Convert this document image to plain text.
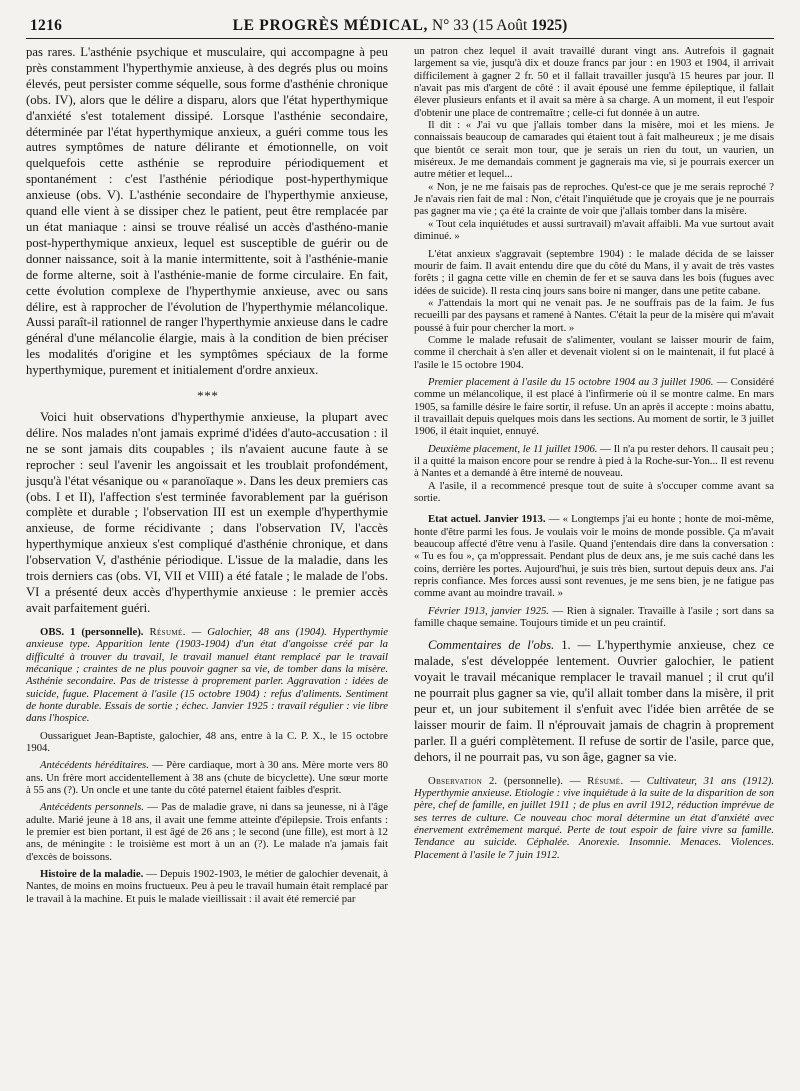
1216	LE PROGRÈS MÉDICAL, N° 33 (15 Août 1925)

pas rares. L'asthénie psychique et musculaire, qui accompagne à peu près constamment l'hyperthymie anxieuse, à des degrés plus ou moins élevés, peut persister comme séquelle, sous forme d'asthénie chronique (obs. IV), alors que le délire a disparu, alors que l'état hyperthymique d'anxiété s'est totalement dissipé. Lorsque l'asthénie secondaire, déterminée par l'état hyperthymique anxieux, a guéri comme tous les autres symptômes de nature délirante et émotionnelle, on voit quelquefois cette asthénie se reproduire périodiquement et spontanément : c'est l'asthénie périodique post-hyperthymique anxieuse (obs. V). L'asthénie secondaire de l'hyperthymie anxieuse, quand elle vient à se dissiper chez le patient, peut être remplacée par un état maniaque : ainsi se trouve réalisé un accès d'asthéno-manie post-hyperthymique anxieux, lequel est susceptible de guérir ou de donner naissance, soit à la manie intermittente, soit à l'asthénie-manie de forme alterne, soit à l'asthénie-manie de forme circulaire. En fait, cette évolution complexe de l'hyperthymie anxieuse, avec ou sans délire, est à rapprocher de l'évolution de l'hyperthymie mélancolique. Aussi paraît-il rationnel de ranger l'hyperthymie anxieuse dans le cadre général d'une mélancolie élargie, mais à la condition de bien préciser les modalités d'origine et les symptômes spéciaux de la forme hyperthymique, purement et initialement d'ordre anxieux.

* * *

Voici huit observations d'hyperthymie anxieuse, la plupart avec délire. Nos malades n'ont jamais exprimé d'idées d'auto-accusation : il ne se sont jamais dits coupables ; ils n'avaient aucune faute à se reprocher : seul l'avenir les angoissait et les troublait profondément, jusqu'à l'état vésanique ou « paranoïaque ». Dans les deux premiers cas (obs. I et II), l'affection s'est terminée favorablement par la guérison complète et durable ; l'observation III est un exemple d'hyperthymie anxieuse, de forme récidivante ; dans l'observation IV, l'accès hyperthymique anxieux s'est compliqué d'asthénie chronique, et dans l'observation V, d'asthénie périodique. L'issue de la maladie, dans les trois derniers cas (obs. VI, VII et VIII) a été fatale ; le malade de l'obs. VI a présenté deux accès d'hyperthymie anxieuse : le premier accès avait parfaitement guéri.

OBS. 1 (personnelle). Résumé. — Galochier, 48 ans (1904). Hyperthymie anxieuse type. Apparition lente (1903-1904) d'un état d'angoisse créé par la difficulté à trouver du travail, le travail manuel étant remplacé par le travail mécanique ; craintes de ne plus pouvoir gagner sa vie, de tomber dans la misère. Asthénie secondaire. Pas de tristesse à proprement parler. Aggravation : idées de suicide, fugue. Placement à l'asile (15 octobre 1904) : refus d'aliments. Sentiment de honte durable. Essais de sortie ; échec. Janvier 1925 : travail régulier : vie libre dans l'hospice.

Oussariguet Jean-Baptiste, galochier, 48 ans, entre à la C. P. X., le 15 octobre 1904.

Antécédents héréditaires. — Père cardiaque, mort à 30 ans. Mère morte vers 80 ans. Un frère mort accidentellement à 38 ans (chute de bicyclette). Une sœur morte à 55 ans (?). Un oncle et une tante du côté paternel étaient faibles d'esprit.

Antécédents personnels. — Pas de maladie grave, ni dans sa jeunesse, ni à l'âge adulte. Marié jeune à 18 ans, il avait une femme atteinte d'épilepsie. Trois enfants : le premier est bien portant, il est âgé de 26 ans ; le second (une fille), est mort à 12 ans, de méningite : le troisième est mort à un an (?). Le malade n'a jamais fait d'excès de boissons.

Histoire de la maladie. — Depuis 1902-1903, le métier de galochier devenait, à Nantes, de moins en moins fructueux. Peu à peu le travail humain était remplacé par le travail à la machine. Et puis le malade vieillissait : il avait été remercié par

un patron chez lequel il avait travaillé durant vingt ans. Autrefois il gagnait largement sa vie, jusqu'à dix et douze francs par jour : en 1903 et 1904, il arrivait difficilement à gagner 2 fr. 50 et il fallait travailler jusqu'à 15 heures par jour. Il n'avait pas mis d'argent de côté : il avait épousé une femme épileptique, il fallait élever plusieurs enfants et il avait sa mère à sa charge. A un moment, il eut l'espoir d'obtenir une place de contremaître ; celle-ci fut donnée à un autre.

Il dit : « J'ai vu que j'allais tomber dans la misère, moi et les miens. Je connaissais beaucoup de camarades qui étaient tout à fait malheureux ; je me disais que bientôt ce serait mon tour, que je serais un rien du tout, un vaurien, un miséreux. Je me demandais comment je gagnerais ma vie, si je pourrais exercer un autre métier et lequel...

« Non, je ne me faisais pas de reproches. Qu'est-ce que je me serais reproché ? Je n'avais rien fait de mal : Non, c'était l'inquiétude que je croyais que je ne pourrais pas gagner ma vie ; ça été la crainte de voir que j'allais tomber dans la misère.

« Tout cela inquiétudes et aussi surtravail) m'avait affaibli. Ma vue surtout avait diminué. »

L'état anxieux s'aggravait (septembre 1904) : le malade décida de se laisser mourir de faim. Il avait entendu dire que du côté du Mans, il y avait de très vastes forêts ; il gagna cette ville en chemin de fer et se sauva dans les bois (fugues avec idées de suicide). Il resta cinq jours sans boire ni manger, dans une petite cabane.

« J'attendais la mort qui ne venait pas. Je ne souffrais pas de la faim. Je fus recueilli par des paysans et ramené à Nantes. C'était la peur de la misère qui m'avait poussé à fuir pour chercher la mort. »

Comme le malade refusait de s'alimenter, voulant se laisser mourir de faim, comme il cherchait à s'en aller et devenait violent si on le maintenait, il fut placé à l'asile le 15 octobre 1904.

Premier placement à l'asile du 15 octobre 1904 au 3 juillet 1906. — Considéré comme un mélancolique, il est placé à l'infirmerie où il se montre calme. En mars 1905, sa famille désire le faire sortir, il refuse. Un an après il accepte : moins abattu, il travaillait depuis quelques mois dans les sections. Au moment de sortir, le 3 juillet 1906, il était inquiet, ennuyé.

Deuxième placement, le 11 juillet 1906. — Il n'a pu rester dehors. Il causait peu ; il a quitté la maison encore pour se rendre à pied à la Roche-sur-Yon... Il est revenu à Nantes et a demandé à être interné de nouveau.

A l'asile, il a recommencé presque tout de suite à s'occuper comme avant sa sortie.

Etat actuel. Janvier 1913. — « Longtemps j'ai eu honte ; honte de moi-même, honte d'être parmi les fous. Je voulais voir le moins de monde possible. Ça m'avait beaucoup affecté d'être venu à l'asile. Quand j'entendais dire dans la conversation : « Tu es fou », ça m'oppressait. Pendant plus de deux ans, je me suis caché dans les coins, derrière les portes. Aujourd'hui, je suis très bien, surtout depuis deux ans. J'ai repris confiance. Mes forces aussi sont revenues, je me sens bien, je ne fatigue pas comme avant au moindre travail. »

Février 1913, janvier 1925. — Rien à signaler. Travaille à l'asile ; sort dans sa famille chaque semaine. Toujours timide et un peu craintif.

Commentaires de l'obs. 1. — L'hyperthymie anxieuse, chez ce malade, s'est développée lentement. Ouvrier galochier, le patient voyait le travail mécanique remplacer le travail manuel ; il crut qu'il ne pourrait plus gagner sa vie, qu'il allait tomber dans la misère, il prit peur et, un jour subitement il s'enfuit avec l'idée bien arrêtée de se laisser mourir de faim. Il n'éprouvait jamais de chagrin à proprement parler. Il a guéri complètement. Il refuse de sortir de l'asile, parce que, dehors, il ne pourrait pas, vu son âge, gagner sa vie.

Observation 2. (personnelle). — Résumé. — Cultivateur, 31 ans (1912). Hyperthymie anxieuse. Etiologie : vive inquiétude à la suite de la disparition de son père, chef de famille, en juillet 1911 ; de plus en avril 1912, réduction imprévue de ses terres de culture. Ce nouveau choc moral détermine un état d'anxiété avec énervement extrêmement marqué. Perte de tout espoir de faire vivre sa famille. Tendance au suicide. Céphalée. Anorexie. Insomnie. Menaces. Violences. Placement à l'asile le 7 juin 1912.
